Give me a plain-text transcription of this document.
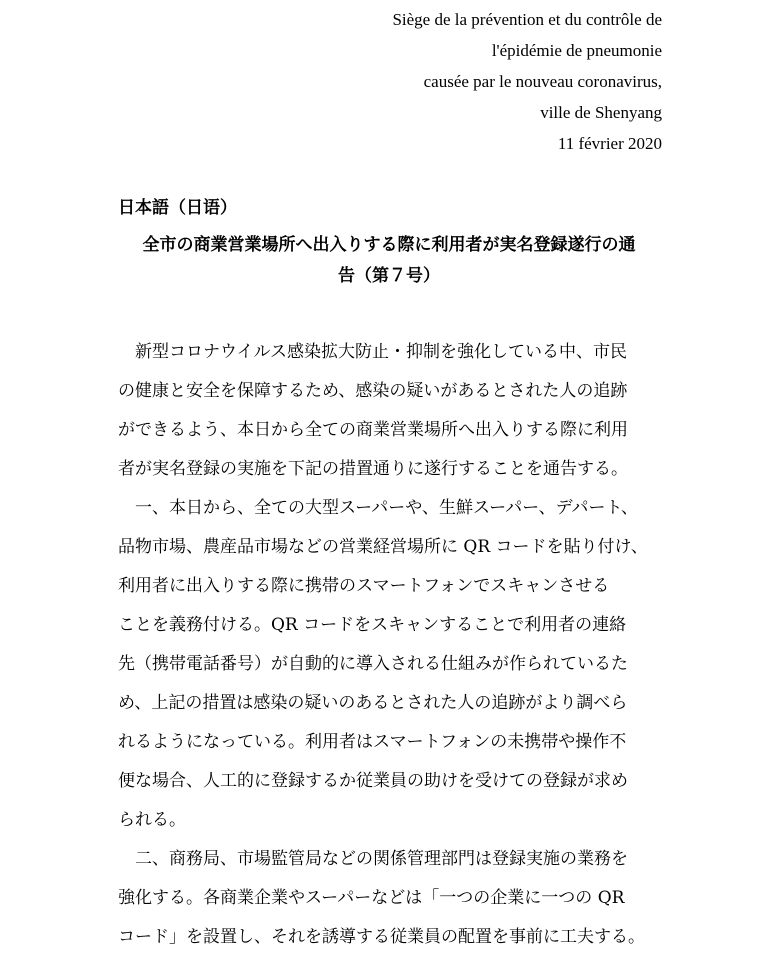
Siège de la prévention et du contrôle de
l'épidémie de pneumonie
causée par le nouveau coronavirus,
ville de Shenyang
11 février 2020
日本語（日语）
全市の商業営業場所へ出入りする際に利用者が実名登録遂行の通
告（第７号）
　新型コロナウイルス感染拡大防止・抑制を強化している中、市民
の健康と安全を保障するため、感染の疑いがあるとされた人の追跡
ができるよう、本日から全ての商業営業場所へ出入りする際に利用
者が実名登録の実施を下記の措置通りに遂行することを通告する。
　一、本日から、全ての大型スーパーや、生鮮スーパー、デパート、
品物市場、農産品市場などの営業経営場所に QR コードを貼り付け、
利用者に出入りする際に携帯のスマートフォンでスキャンさせる
ことを義務付ける。QR コードをスキャンすることで利用者の連絡
先（携帯電話番号）が自動的に導入される仕組みが作られているた
め、上記の措置は感染の疑いのあるとされた人の追跡がより調べら
れるようになっている。利用者はスマートフォンの未携帯や操作不
便な場合、人工的に登録するか従業員の助けを受けての登録が求め
られる。
　二、商務局、市場監管局などの関係管理部門は登録実施の業務を
強化する。各商業企業やスーパーなどは「一つの企業に一つの QR
コード」を設置し、それを誘導する従業員の配置を事前に工夫する。
